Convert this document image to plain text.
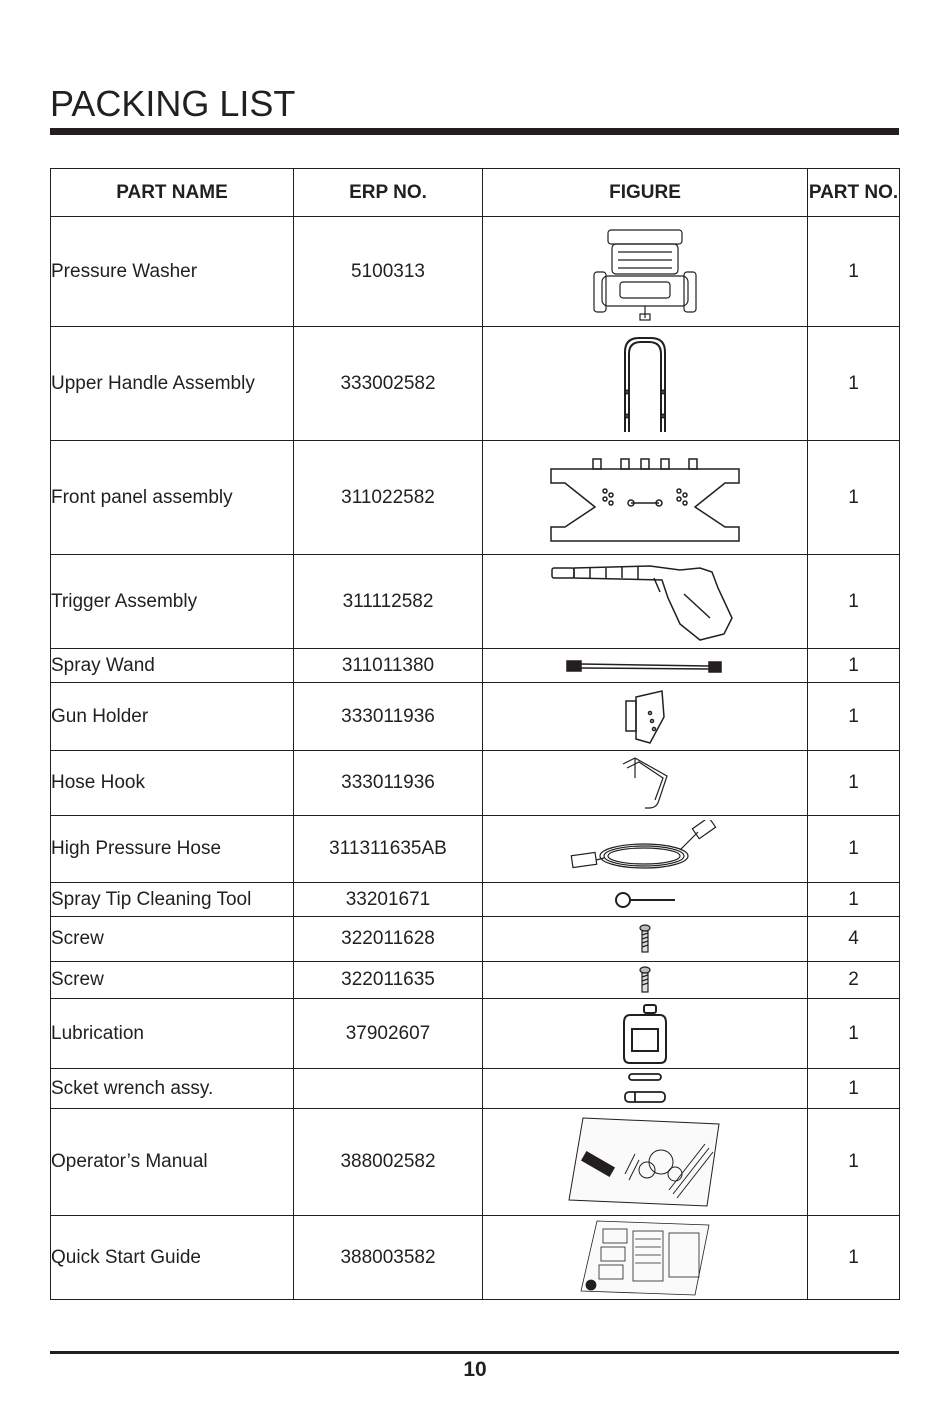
PACKING LIST
PART NAME	ERP NO.	FIGURE	PART NO.
Pressure Washer	5100313		1
Upper Handle Assembly	333002582		1
Front panel assembly	311022582		1
Trigger Assembly	311112582		1
Spray Wand	311011380		1
Gun Holder	333011936		1
Hose Hook	333011936		1
High Pressure Hose	311311635AB		1
Spray Tip Cleaning Tool	33201671		1
Screw	322011628		4
Screw	322011635		2
Lubrication	37902607		1
Scket wrench assy.			1
Operator’s Manual	388002582		1
Quick Start Guide	388003582		1
10
